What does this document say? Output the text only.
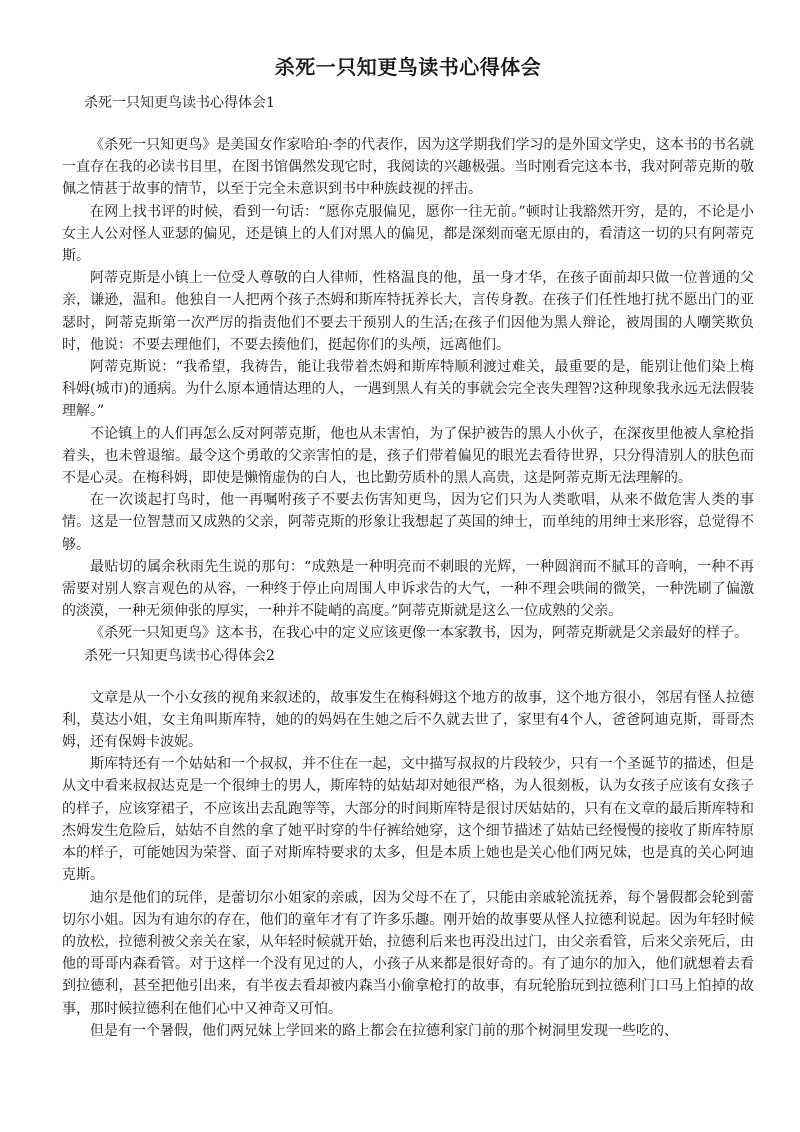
杀死一只知更鸟读书心得体会
杀死一只知更鸟读书心得体会1

《杀死一只知更鸟》是美国女作家哈珀·李的代表作，因为这学期我们学习的是外国文学史，这本书的书名就一直存在我的必读书目里，在图书馆偶然发现它时，我阅读的兴趣极强。当时刚看完这本书，我对阿蒂克斯的敬佩之情甚于故事的情节，以至于完全未意识到书中种族歧视的抨击。

在网上找书评的时候，看到一句话：“愿你克服偏见，愿你一往无前。”顿时让我豁然开穷，是的，不论是小女主人公对怪人亚瑟的偏见，还是镇上的人们对黑人的偏见，都是深刻而毫无原由的，看清这一切的只有阿蒂克斯。

阿蒂克斯是小镇上一位受人尊敬的白人律师，性格温良的他，虽一身才华，在孩子面前却只做一位普通的父亲，谦逊，温和。他独自一人把两个孩子杰姆和斯库特抚养长大，言传身教。在孩子们任性地打扰不愿出门的亚瑟时，阿蒂克斯第一次严厉的指责他们不要去干预别人的生活;在孩子们因他为黑人辩论，被周围的人嘲笑欺负时，他说：不要去理他们，不要去揍他们，挺起你们的头颅，远离他们。

阿蒂克斯说：“我希望，我祷告，能让我带着杰姆和斯库特顺利渡过难关，最重要的是，能别让他们染上梅科姆(城市)的通病。为什么原本通情达理的人，一遇到黑人有关的事就会完全丧失理智?这种现象我永远无法假装理解。”

不论镇上的人们再怎么反对阿蒂克斯，他也从未害怕，为了保护被告的黑人小伙子，在深夜里他被人拿枪指着头，也未曾退缩。最令这个勇敢的父亲害怕的是，孩子们带着偏见的眼光去看待世界，只分得清别人的肤色而不是心灵。在梅科姆，即使是懒惰虚伪的白人，也比勤劳质朴的黑人高贵，这是阿蒂克斯无法理解的。

在一次谈起打鸟时，他一再嘱咐孩子不要去伤害知更鸟，因为它们只为人类歌唱，从来不做危害人类的事情。这是一位智慧而又成熟的父亲，阿蒂克斯的形象让我想起了英国的绅士，而单纯的用绅士来形容，总觉得不够。

最贴切的属余秋雨先生说的那句：“成熟是一种明亮而不刺眼的光辉，一种圆润而不腻耳的音响，一种不再需要对别人察言观色的从容，一种终于停止向周围人申诉求告的大气，一种不理会哄闹的微笑，一种洗刷了偏激的淡漠，一种无须伸张的厚实，一种并不陡峭的高度。”阿蒂克斯就是这么一位成熟的父亲。

《杀死一只知更鸟》这本书，在我心中的定义应该更像一本家教书，因为，阿蒂克斯就是父亲最好的样子。

杀死一只知更鸟读书心得体会2

文章是从一个小女孩的视角来叙述的，故事发生在梅科姆这个地方的故事，这个地方很小，邻居有怪人拉德利，莫达小姐，女主角叫斯库特，她的的妈妈在生她之后不久就去世了，家里有4个人，爸爸阿迪克斯，哥哥杰姆，还有保姆卡波妮。

斯库特还有一个姑姑和一个叔叔，并不住在一起，文中描写叔叔的片段较少，只有一个圣诞节的描述，但是从文中看来叔叔达克是一个很绅士的男人，斯库特的姑姑却对她很严格，为人很刻板，认为女孩子应该有女孩子的样子，应该穿裙子，不应该出去乱跑等等，大部分的时间斯库特是很讨厌姑姑的，只有在文章的最后斯库特和杰姆发生危险后，姑姑不自然的拿了她平时穿的牛仔裤给她穿，这个细节描述了姑姑已经慢慢的接收了斯库特原本的样子，可能她因为荣誉、面子对斯库特要求的太多，但是本质上她也是关心他们两兄妹，也是真的关心阿迪克斯。

迪尔是他们的玩伴，是蕾切尔小姐家的亲戚，因为父母不在了，只能由亲戚轮流抚养，每个暑假都会轮到蕾切尔小姐。因为有迪尔的存在，他们的童年才有了许多乐趣。刚开始的故事要从怪人拉德利说起。因为年轻时候的放松，拉德利被父亲关在家，从年轻时候就开始，拉德利后来也再没出过门，由父亲看管，后来父亲死后，由他的哥哥内森看管。对于这样一个没有见过的人，小孩子从来都是很好奇的。有了迪尔的加入，他们就想着去看到拉德利，甚至把他引出来，有半夜去看却被内森当小偷拿枪打的故事，有玩轮胎玩到拉德利门口马上怕掉的故事，那时候拉德利在他们心中又神奇又可怕。

但是有一个暑假，他们两兄妹上学回来的路上都会在拉德利家门前的那个树洞里发现一些吃的、
